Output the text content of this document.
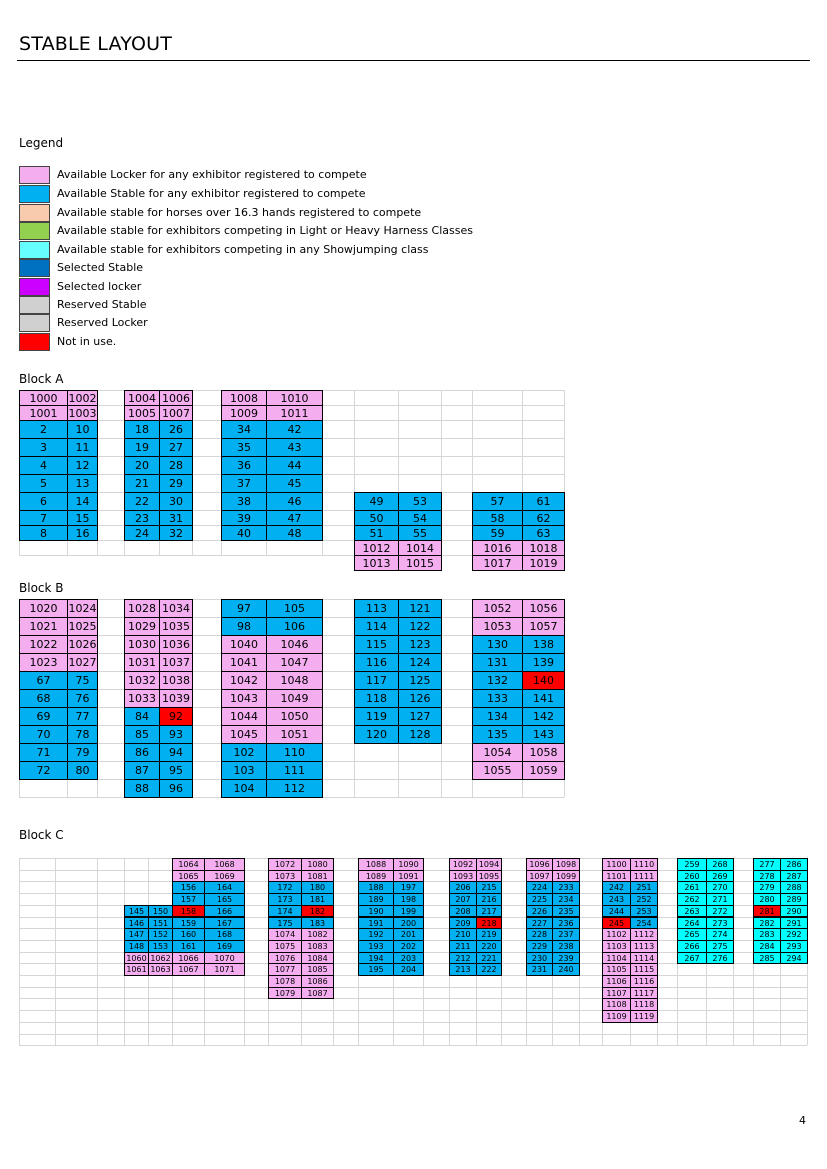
STABLE LAYOUT
Legend
Available Locker for any exhibitor registered to compete
Available Stable for any exhibitor registered to compete
Available stable for horses over 16.3 hands registered to compete
Available stable for exhibitors competing in Light or Heavy Harness Classes
Available stable for exhibitors competing in any Showjumping class
Selected Stable
Selected locker
Reserved Stable
Reserved Locker
Not in use.
Block A
1000
1001
2
3
4
5
6
7
8
1002
1003
10
11
12
13
14
15
16
1004
1005
18
19
20
21
22
23
24
1006
1007
26
27
28
29
30
31
32
1008
1009
34
35
36
37
38
39
40
1010
1011
42
43
44
45
46
47
48
49
50
51
1012
1013
53
54
55
1014
1015
57
58
59
1016
1017
61
62
63
1018
1019
Block B
1020
1021
1022
1023
67
68
69
70
71
72
1024
1025
1026
1027
75
76
77
78
79
80
1028
1029
1030
1031
1032
1033
84
85
86
87
88
1034
1035
1036
1037
1038
1039
92
93
94
95
96
97
98
1040
1041
1042
1043
1044
1045
102
103
104
105
106
1046
1047
1048
1049
1050
1051
110
111
112
113
114
115
116
117
118
119
120
121
122
123
124
125
126
127
128
1052
1053
130
131
132
133
134
135
1054
1055
1056
1057
138
139
140
141
142
143
1058
1059
Block C
145
146
147
148
1060
1061
150
151
152
153
1062
1063
1064
1065
156
157
158
159
160
161
1066
1067
1068
1069
164
165
166
167
168
169
1070
1071
1072
1073
172
173
174
175
1074
1075
1076
1077
1078
1079
1080
1081
180
181
182
183
1082
1083
1084
1085
1086
1087
1088
1089
188
189
190
191
192
193
194
195
1090
1091
197
198
199
200
201
202
203
204
1092
1093
206
207
208
209
210
211
212
213
1094
1095
215
216
217
218
219
220
221
222
1096
1097
224
225
226
227
228
229
230
231
1098
1099
233
234
235
236
237
238
239
240
1100
1101
242
243
244
245
1102
1103
1104
1105
1106
1107
1108
1109
1110
1111
251
252
253
254
1112
1113
1114
1115
1116
1117
1118
1119
259
260
261
262
263
264
265
266
267
268
269
270
271
272
273
274
275
276
277
278
279
280
281
282
283
284
285
286
287
288
289
290
291
292
293
294
4
